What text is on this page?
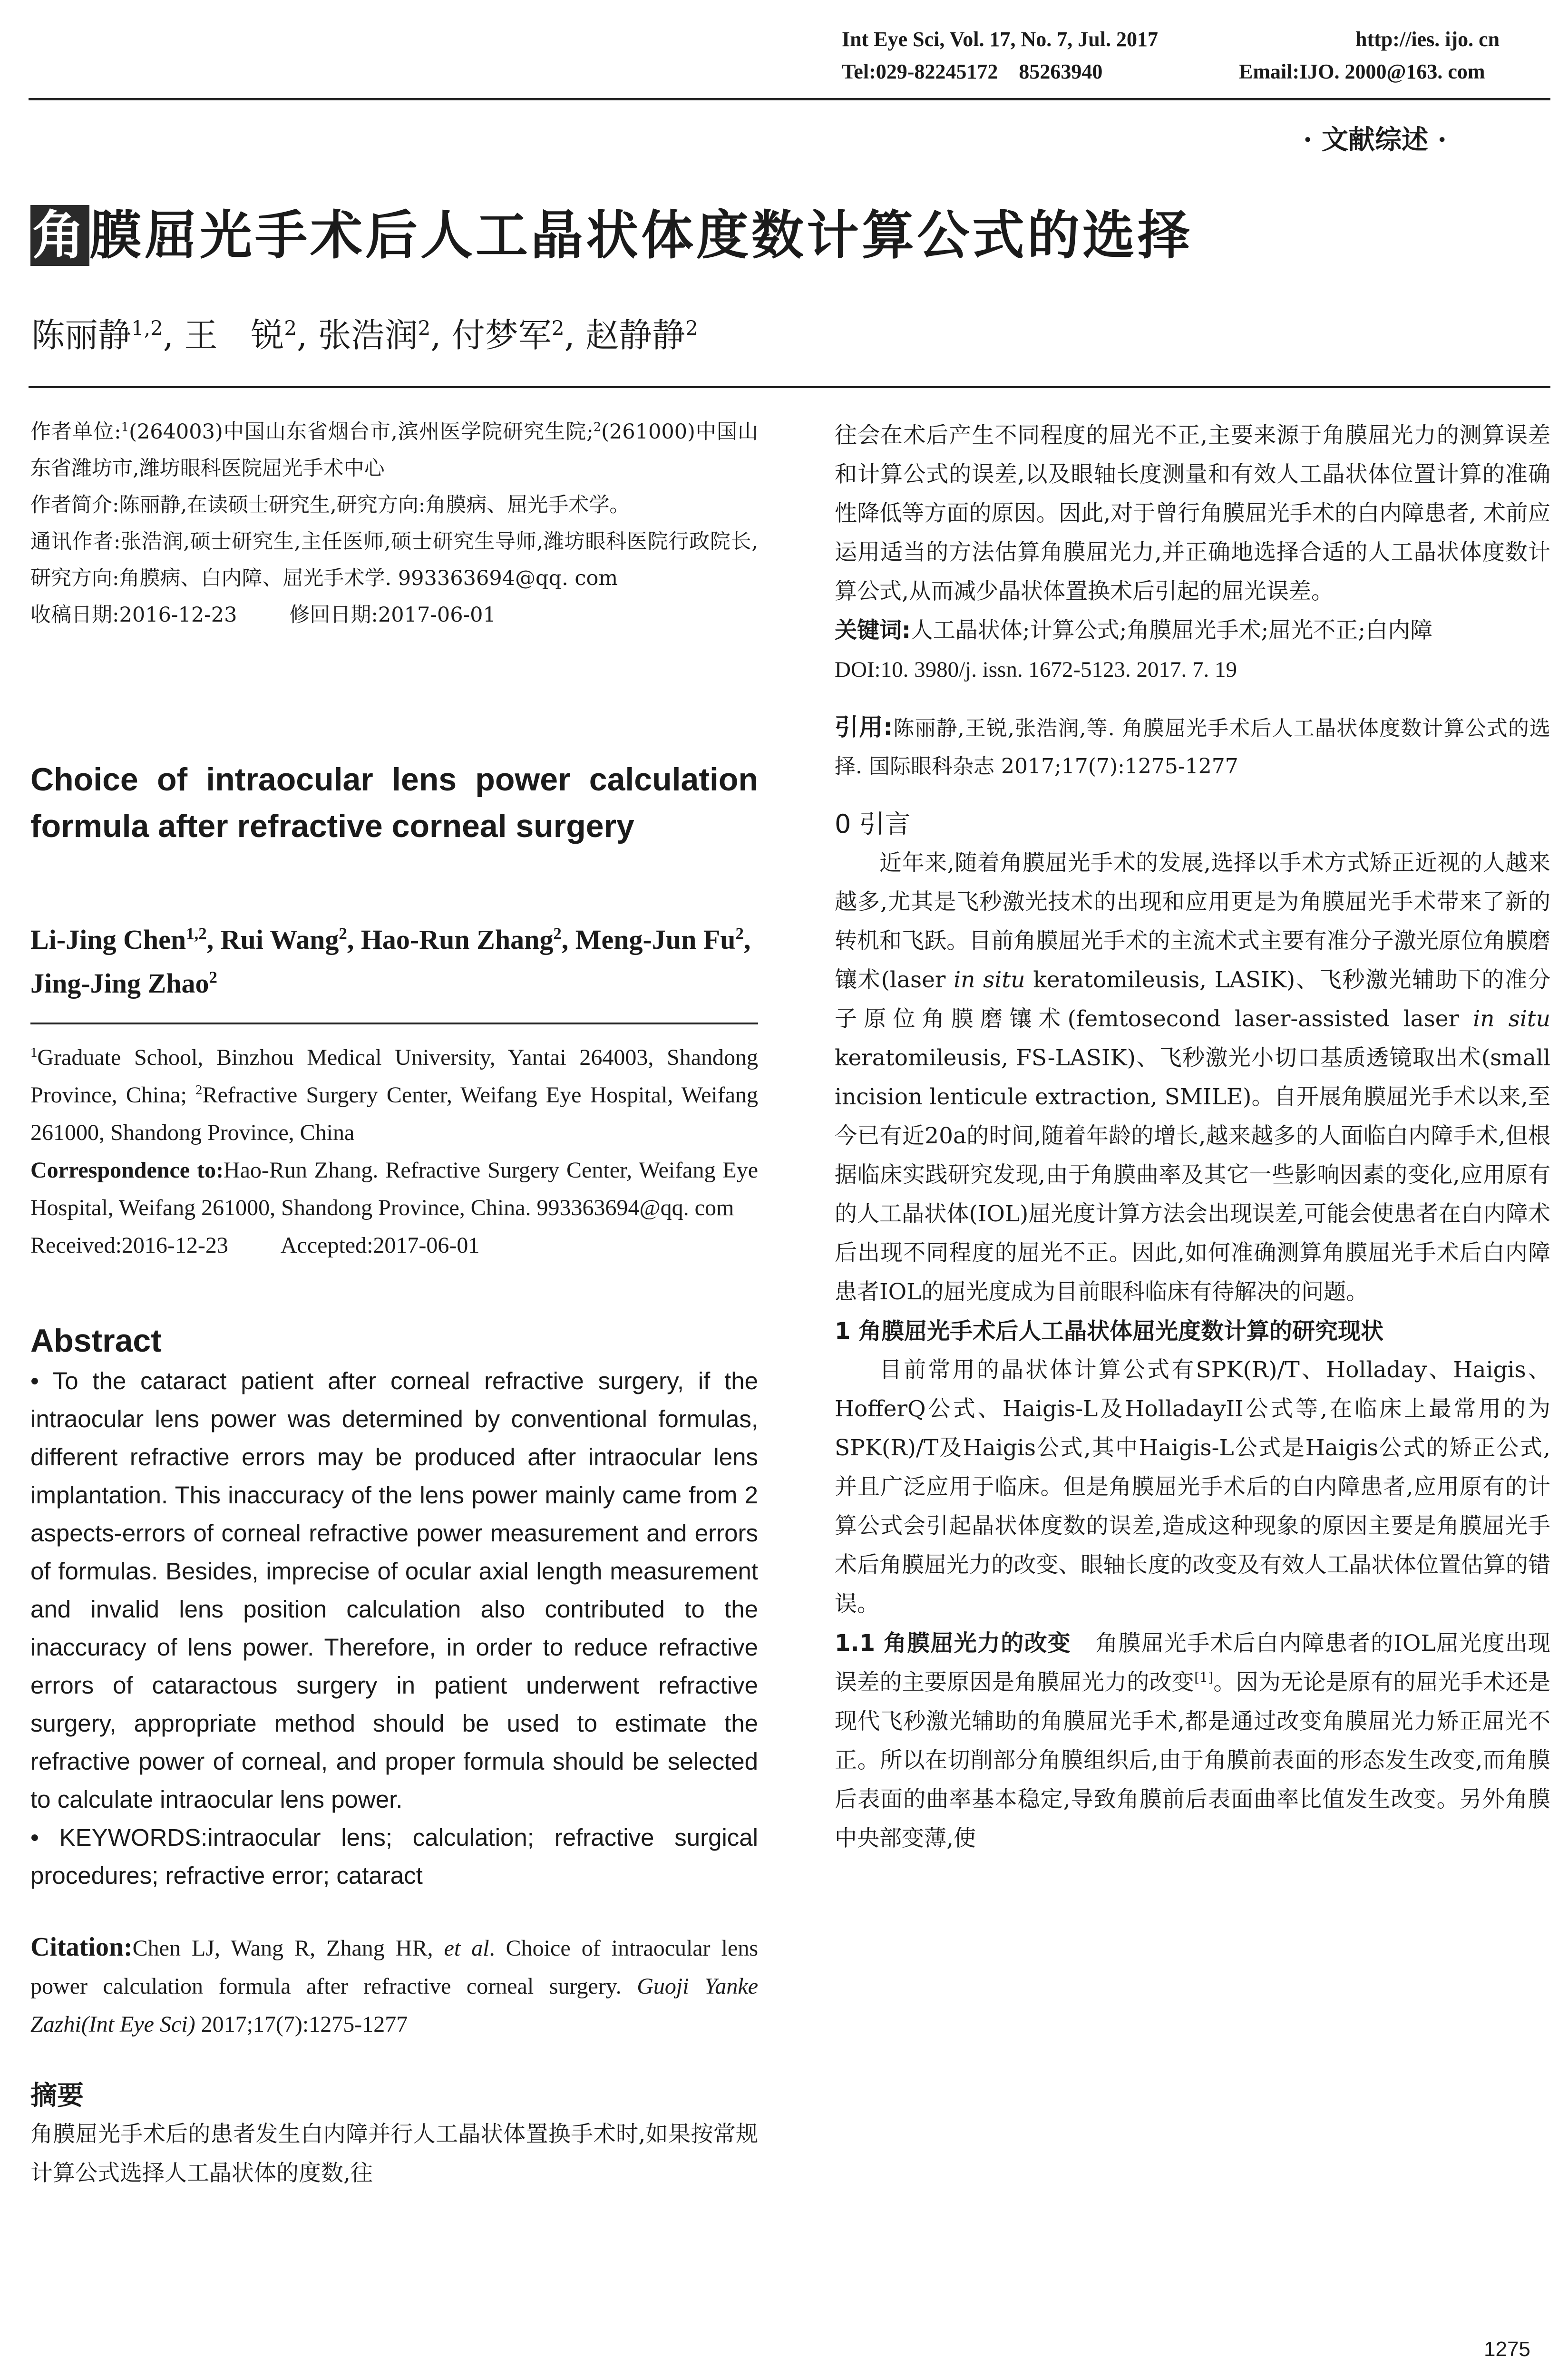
Int Eye Sci, Vol. 17, No. 7, Jul. 2017	http://ies. ijo. cn
Tel:029-82245172    85263940	Email:IJO. 2000@163. com
· 文献综述 ·
角膜屈光手术后人工晶状体度数计算公式的选择
陈丽静$^{1,2}$, 王　锐$^2$, 张浩润$^2$, 付梦军$^2$, 赵静静$^2$

作者单位:$^1$(264003)中国山东省烟台市,滨州医学院研究生院;$^2$(261000)中国山东省潍坊市,潍坊眼科医院屈光手术中心

作者简介:陈丽静,在读硕士研究生,研究方向:角膜病、屈光手术学。

通讯作者:张浩润,硕士研究生,主任医师,硕士研究生导师,潍坊眼科医院行政院长,研究方向:角膜病、白内障、屈光手术学. 993363694@qq. com

收稿日期:2016-12-23	修回日期:2017-06-01

Choice of intraocular lens power calculation formula after refractive corneal surgery
Li-Jing Chen$^{1,2}$, Rui Wang$^2$, Hao-Run Zhang$^2$, Meng-Jun Fu$^2$, Jing-Jing Zhao$^2$
$^1$Graduate School, Binzhou Medical University, Yantai 264003, Shandong Province, China; $^2$Refractive Surgery Center, Weifang Eye Hospital, Weifang 261000, Shandong Province, China
Correspondence to:Hao-Run Zhang. Refractive Surgery Center, Weifang Eye Hospital, Weifang 261000, Shandong Province, China. 993363694@qq. com
Received:2016-12-23 Accepted:2017-06-01
Abstract
• To the cataract patient after corneal refractive surgery, if the intraocular lens power was determined by conventional formulas, different refractive errors may be produced after intraocular lens implantation. This inaccuracy of the lens power mainly came from 2 aspects-errors of corneal refractive power measurement and errors of formulas. Besides, imprecise of ocular axial length measurement and invalid lens position calculation also contributed to the inaccuracy of lens power. Therefore, in order to reduce refractive errors of cataractous surgery in patient underwent refractive surgery, appropriate method should be used to estimate the refractive power of corneal, and proper formula should be selected to calculate intraocular lens power.
• KEYWORDS:intraocular lens; calculation; refractive surgical procedures; refractive error; cataract
Citation:Chen LJ, Wang R, Zhang HR, et al. Choice of intraocular lens power calculation formula after refractive corneal surgery. Guoji Yanke Zazhi(Int Eye Sci) 2017;17(7):1275-1277
摘要

角膜屈光手术后的患者发生白内障并行人工晶状体置换手术时,如果按常规计算公式选择人工晶状体的度数,往

往会在术后产生不同程度的屈光不正,主要来源于角膜屈光力的测算误差和计算公式的误差,以及眼轴长度测量和有效人工晶状体位置计算的准确性降低等方面的原因。因此,对于曾行角膜屈光手术的白内障患者, 术前应运用适当的方法估算角膜屈光力,并正确地选择合适的人工晶状体度数计算公式,从而减少晶状体置换术后引起的屈光误差。

关键词:人工晶状体;计算公式;角膜屈光手术;屈光不正;白内障

DOI:10. 3980/j. issn. 1672-5123. 2017. 7. 19

引用:陈丽静,王锐,张浩润,等. 角膜屈光手术后人工晶状体度数计算公式的选择. 国际眼科杂志 2017;17(7):1275-1277

0 引言

近年来,随着角膜屈光手术的发展,选择以手术方式矫正近视的人越来越多,尤其是飞秒激光技术的出现和应用更是为角膜屈光手术带来了新的转机和飞跃。目前角膜屈光手术的主流术式主要有准分子激光原位角膜磨镶术(laser in situ keratomileusis, LASIK)、飞秒激光辅助下的准分子原位角膜磨镶术(femtosecond laser-assisted laser in situ keratomileusis, FS-LASIK)、飞秒激光小切口基质透镜取出术(small incision lenticule extraction, SMILE)。自开展角膜屈光手术以来,至今已有近20a的时间,随着年龄的增长,越来越多的人面临白内障手术,但根据临床实践研究发现,由于角膜曲率及其它一些影响因素的变化,应用原有的人工晶状体(IOL)屈光度计算方法会出现误差,可能会使患者在白内障术后出现不同程度的屈光不正。因此,如何准确测算角膜屈光手术后白内障患者IOL的屈光度成为目前眼科临床有待解决的问题。

1 角膜屈光手术后人工晶状体屈光度数计算的研究现状

目前常用的晶状体计算公式有SPK(R)/T、Holladay、Haigis、HofferQ公式、Haigis-L及HolladayII公式等,在临床上最常用的为SPK(R)/T及Haigis公式,其中Haigis-L公式是Haigis公式的矫正公式,并且广泛应用于临床。但是角膜屈光手术后的白内障患者,应用原有的计算公式会引起晶状体度数的误差,造成这种现象的原因主要是角膜屈光手术后角膜屈光力的改变、眼轴长度的改变及有效人工晶状体位置估算的错误。

1.1 角膜屈光力的改变 角膜屈光手术后白内障患者的IOL屈光度出现误差的主要原因是角膜屈光力的改变[1]。因为无论是原有的屈光手术还是现代飞秒激光辅助的角膜屈光手术,都是通过改变角膜屈光力矫正屈光不正。所以在切削部分角膜组织后,由于角膜前表面的形态发生改变,而角膜后表面的曲率基本稳定,导致角膜前后表面曲率比值发生改变。另外角膜中央部变薄,使

1275
